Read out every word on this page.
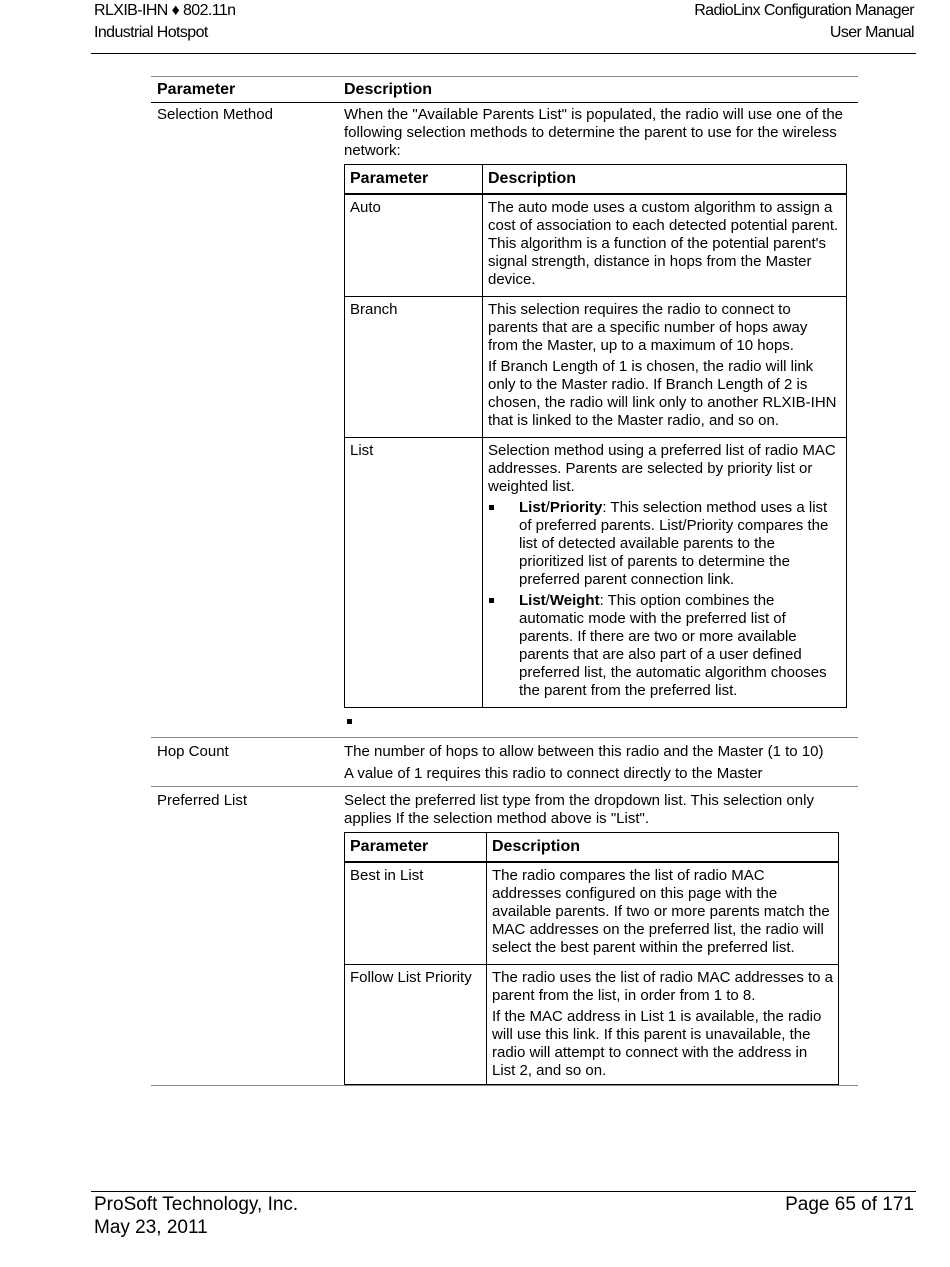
RLXIB-IHN ♦ 802.11n
Industrial Hotspot
RadioLinx Configuration Manager
User Manual
Parameter	Description
Selection Method	When the "Available Parents List" is populated, the radio will use one of the following selection methods to determine the parent to use for the wireless network:

Parameter	Description
Auto	The auto mode uses a custom algorithm to assign a cost of association to each detected potential parent. This algorithm is a function of the potential parent's signal strength, distance in hops from the Master device.

Branch	This selection requires the radio to connect to parents that are a specific number of hops away from the Master, up to a maximum of 10 hops.

If Branch Length of 1 is chosen, the radio will link only to the Master radio. If Branch Length of 2 is chosen, the radio will link only to another RLXIB-IHN that is linked to the Master radio, and so on.

List	Selection method using a preferred list of radio MAC addresses. Parents are selected by priority list or weighted list.

List/Priority: This selection method uses a list of preferred parents. List/Priority compares the list of detected available parents to the prioritized list of parents to determine the preferred parent connection link.
List/Weight: This option combines the automatic mode with the preferred list of parents. If there are two or more available parents that are also part of a user defined preferred list, the automatic algorithm chooses the parent from the preferred list.

Hop Count	The number of hops to allow between this radio and the Master (1 to 10)

A value of 1 requires this radio to connect directly to the Master

Preferred List	Select the preferred list type from the dropdown list. This selection only applies If the selection method above is "List".

Parameter	Description
Best in List	The radio compares the list of radio MAC addresses configured on this page with the available parents. If two or more parents match the MAC addresses on the preferred list, the radio will select the best parent within the preferred list.

Follow List Priority	The radio uses the list of radio MAC addresses to a parent from the list, in order from 1 to 8.

If the MAC address in List 1 is available, the radio will use this link. If this parent is unavailable, the radio will attempt to connect with the address in List 2, and so on.

ProSoft Technology, Inc.
May 23, 2011
Page 65 of 171
